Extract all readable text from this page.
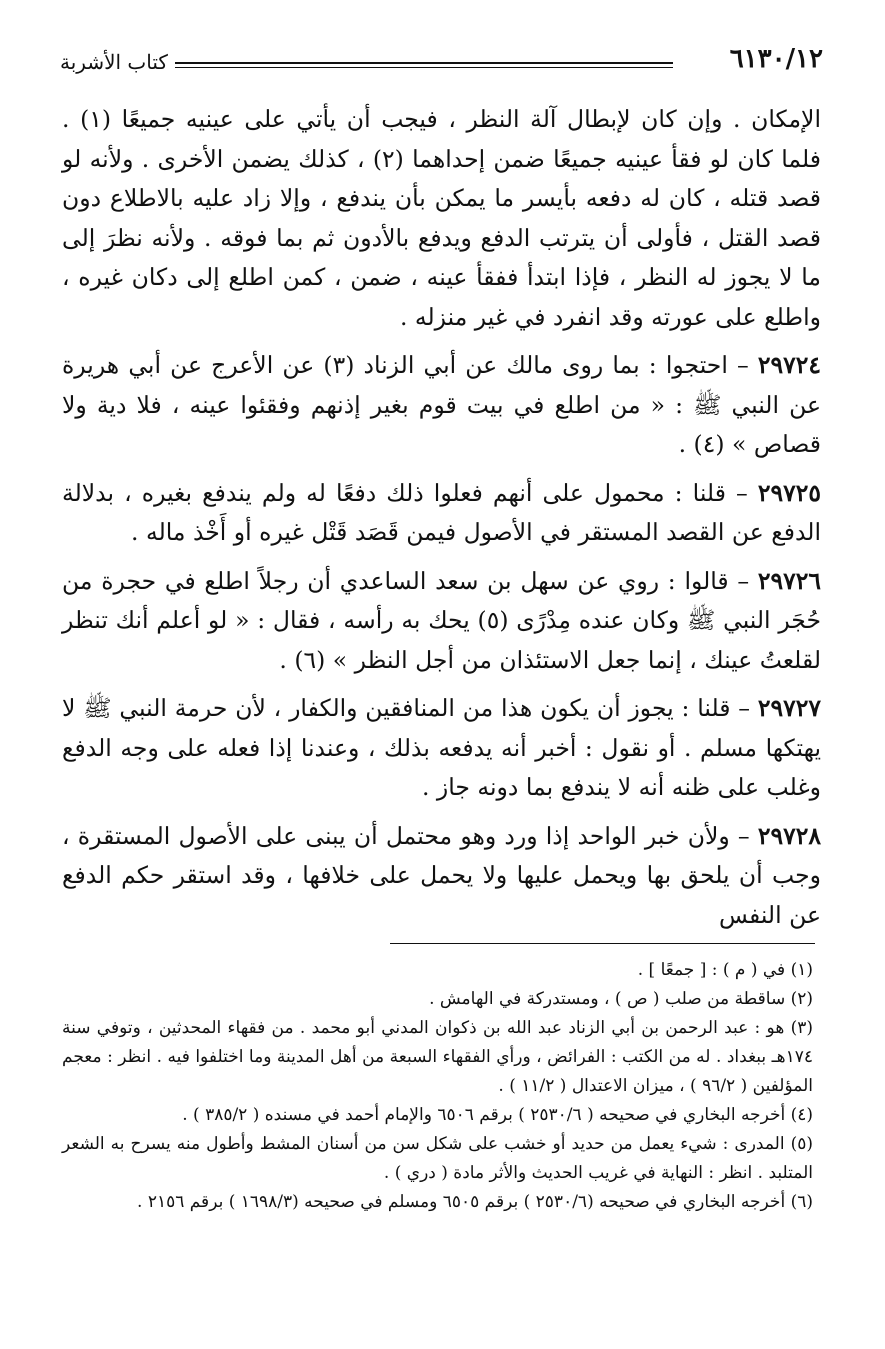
٦١٣٠/١٢
كتاب الأشربة

الإمكان . وإن كان لإبطال آلة النظر ، فيجب أن يأتي على عينيه جميعًا (١) . فلما كان لو فقأ عينيه جميعًا ضمن إحداهما (٢) ، كذلك يضمن الأخرى . ولأنه لو قصد قتله ، كان له دفعه بأيسر ما يمكن بأن يندفع ، وإلا زاد عليه بالاطلاع دون قصد القتل ، فأولى أن يترتب الدفع ويدفع بالأدون ثم بما فوقه . ولأنه نظرَ إلى ما لا يجوز له النظر ، فإذا ابتدأ ففقأ عينه ، ضمن ، كمن اطلع إلى دكان غيره ، واطلع على عورته وقد انفرد في غير منزله .

٢٩٧٢٤ – احتجوا : بما روى مالك عن أبي الزناد (٣) عن الأعرج عن أبي هريرة عن النبي ﷺ : « من اطلع في بيت قوم بغير إذنهم وفقئوا عينه ، فلا دية ولا قصاص » (٤) .

٢٩٧٢٥ – قلنا : محمول على أنهم فعلوا ذلك دفعًا له ولم يندفع بغيره ، بدلالة الدفع عن القصد المستقر في الأصول فيمن قَصَد قَتْل غيره أو أَخْذ ماله .

٢٩٧٢٦ – قالوا : روي عن سهل بن سعد الساعدي أن رجلاً اطلع في حجرة من حُجَر النبي ﷺ وكان عنده مِدْرًى (٥) يحك به رأسه ، فقال : « لو أعلم أنك تنظر لقلعتُ عينك ، إنما جعل الاستئذان من أجل النظر » (٦) .

٢٩٧٢٧ – قلنا : يجوز أن يكون هذا من المنافقين والكفار ، لأن حرمة النبي ﷺ لا يهتكها مسلم . أو نقول : أخبر أنه يدفعه بذلك ، وعندنا إذا فعله على وجه الدفع وغلب على ظنه أنه لا يندفع بما دونه جاز .

٢٩٧٢٨ – ولأن خبر الواحد إذا ورد وهو محتمل أن يبنى على الأصول المستقرة ، وجب أن يلحق بها ويحمل عليها ولا يحمل على خلافها ، وقد استقر حكم الدفع عن النفس

(١) في ( م ) : [ جمعًا ] .

(٢) ساقطة من صلب ( ص ) ، ومستدركة في الهامش .

(٣) هو : عبد الرحمن بن أبي الزناد عبد الله بن ذكوان المدني أبو محمد . من فقهاء المحدثين ، وتوفي سنة ١٧٤هـ ببغداد . له من الكتب : الفرائض ، ورأي الفقهاء السبعة من أهل المدينة وما اختلفوا فيه . انظر : معجم المؤلفين ( ٩٦/٢ ) ، ميزان الاعتدال ( ١١/٢ ) .

(٤) أخرجه البخاري في صحيحه ( ٢٥٣٠/٦ ) برقم ٦٥٠٦ والإمام أحمد في مسنده ( ٣٨٥/٢ ) .

(٥) المدرى : شيء يعمل من حديد أو خشب على شكل سن من أسنان المشط وأطول منه يسرح به الشعر المتلبد . انظر : النهاية في غريب الحديث والأثر مادة ( دري ) .

(٦) أخرجه البخاري في صحيحه (٢٥٣٠/٦ ) برقم ٦٥٠٥ ومسلم في صحيحه (١٦٩٨/٣ ) برقم ٢١٥٦ .
